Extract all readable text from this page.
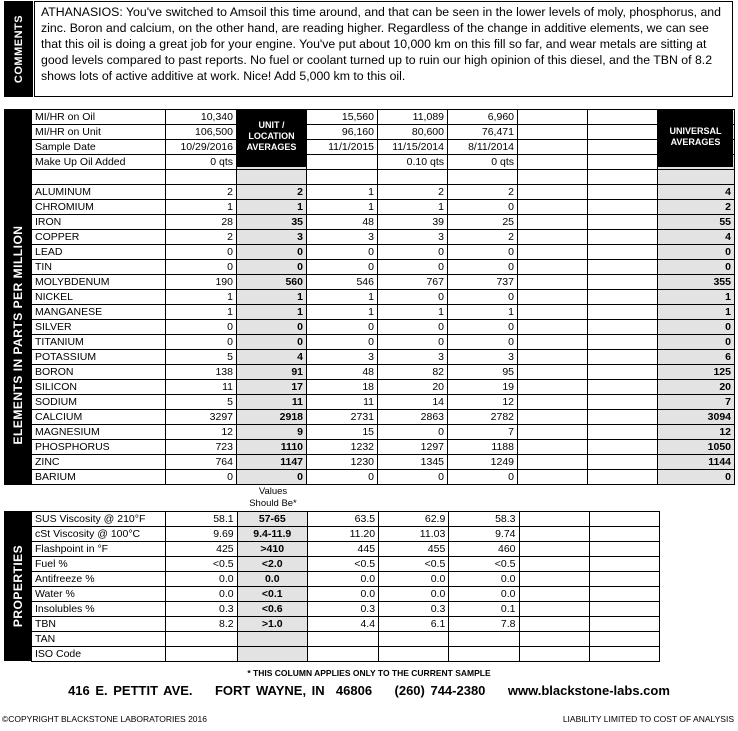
COMMENTS
ATHANASIOS: You've switched to Amsoil this time around, and that can be seen in the lower levels of moly, phosphorus, and zinc. Boron and calcium, on the other hand, are reading higher. Regardless of the change in additive elements, we can see that this oil is doing a great job for your engine. You've put about 10,000 km on this fill so far, and wear metals are sitting at good levels compared to past reports. No fuel or coolant turned up to ruin our high opinion of this diesel, and the TBN of 8.2 shows lots of active additive at work. Nice! Add 5,000 km to this oil.
ELEMENTS IN PARTS PER MILLION
MI/HR on Oil	10,340		15,560	11,089	6,960			
MI/HR on Unit	106,500		96,160	80,600	76,471			
Sample Date	10/29/2016		11/1/2015	11/15/2014	8/11/2014			
Make Up Oil Added	0 qts			0.10 qts	0 qts			

ALUMINUM	2	2	1	2	2			4
CHROMIUM	1	1	1	1	0			2
IRON	28	35	48	39	25			55
COPPER	2	3	3	3	2			4
LEAD	0	0	0	0	0			0
TIN	0	0	0	0	0			0
MOLYBDENUM	190	560	546	767	737			355
NICKEL	1	1	1	0	0			1
MANGANESE	1	1	1	1	1			1
SILVER	0	0	0	0	0			0
TITANIUM	0	0	0	0	0			0
POTASSIUM	5	4	3	3	3			6
BORON	138	91	48	82	95			125
SILICON	11	17	18	20	19			20
SODIUM	5	11	11	14	12			7
CALCIUM	3297	2918	2731	2863	2782			3094
MAGNESIUM	12	9	15	0	7			12
PHOSPHORUS	723	1110	1232	1297	1188			1050
ZINC	764	1147	1230	1345	1249			1144
BARIUM	0	0	0	0	0			0
UNIT / LOCATION AVERAGES
UNIVERSAL AVERAGES
Values
Should Be*
PROPERTIES
SUS Viscosity @ 210°F	58.1	57-65	63.5	62.9	58.3		
cSt Viscosity @ 100°C	9.69	9.4-11.9	11.20	11.03	9.74		
Flashpoint in °F	425	>410	445	455	460		
Fuel %	<0.5	<2.0	<0.5	<0.5	<0.5		
Antifreeze %	0.0	0.0	0.0	0.0	0.0		
Water %	0.0	<0.1	0.0	0.0	0.0		
Insolubles %	0.3	<0.6	0.3	0.3	0.1		
TBN	8.2	>1.0	4.4	6.1	7.8		
TAN							
ISO Code							
* THIS COLUMN APPLIES ONLY TO THE CURRENT SAMPLE
416 E. PETTIT AVE.    FORT WAYNE, IN  46806    (260) 744-2380    www.blackstone-labs.com
©COPYRIGHT BLACKSTONE LABORATORIES 2016	LIABILITY LIMITED TO COST OF ANALYSIS
